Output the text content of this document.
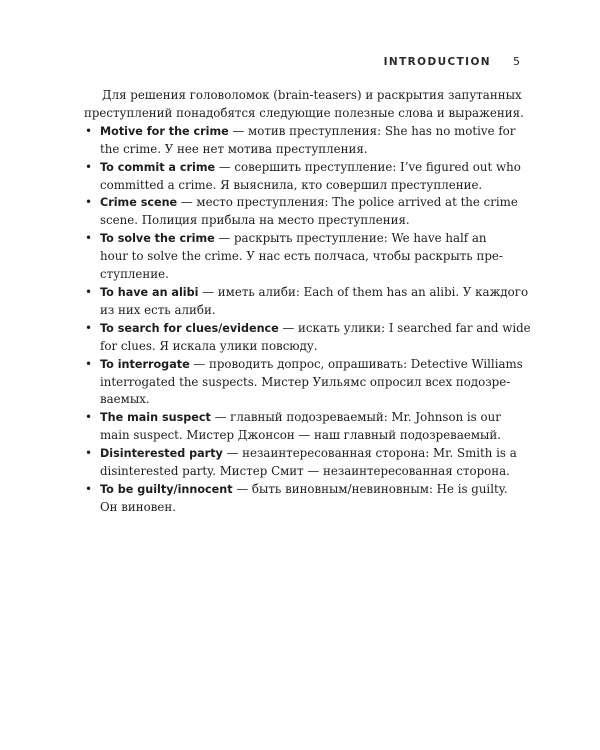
INTRODUCTION 5

Для решения головоломок (brain-teasers) и раскрытия запутанных
преступлений понадобятся следующие полезные слова и выражения.

• Motive for the crime — мотив преступления: She has no motive for
the crime. У нее нет мотива преступления.
• To commit a crime — совершить преступление: I’ve figured out who
committed a crime. Я выяснила, кто совершил преступление.
• Crime scene — место преступления: The police arrived at the crime
scene. Полиция прибыла на место преступления.
• To solve the crime — раскрыть преступление: We have half an
hour to solve the crime. У нас есть полчаса, чтобы раскрыть пре-
ступление.
• To have an alibi — иметь алиби: Each of them has an alibi. У каждого
из них есть алиби.
• To search for clues/evidence — искать улики: I searched far and wide
for clues. Я искала улики повсюду.
• To interrogate — проводить допрос, опрашивать: Detective Williams
interrogated the suspects. Мистер Уильямс опросил всех подозре-
ваемых.
• The main suspect — главный подозреваемый: Mr. Johnson is our
main suspect. Мистер Джонсон — наш главный подозреваемый.
• Disinterested party — незаинтересованная сторона: Mr. Smith is a
disinterested party. Мистер Смит — незаинтересованная сторона.
• To be guilty/innocent — быть виновным/невиновным: He is guilty.
Он виновен.
